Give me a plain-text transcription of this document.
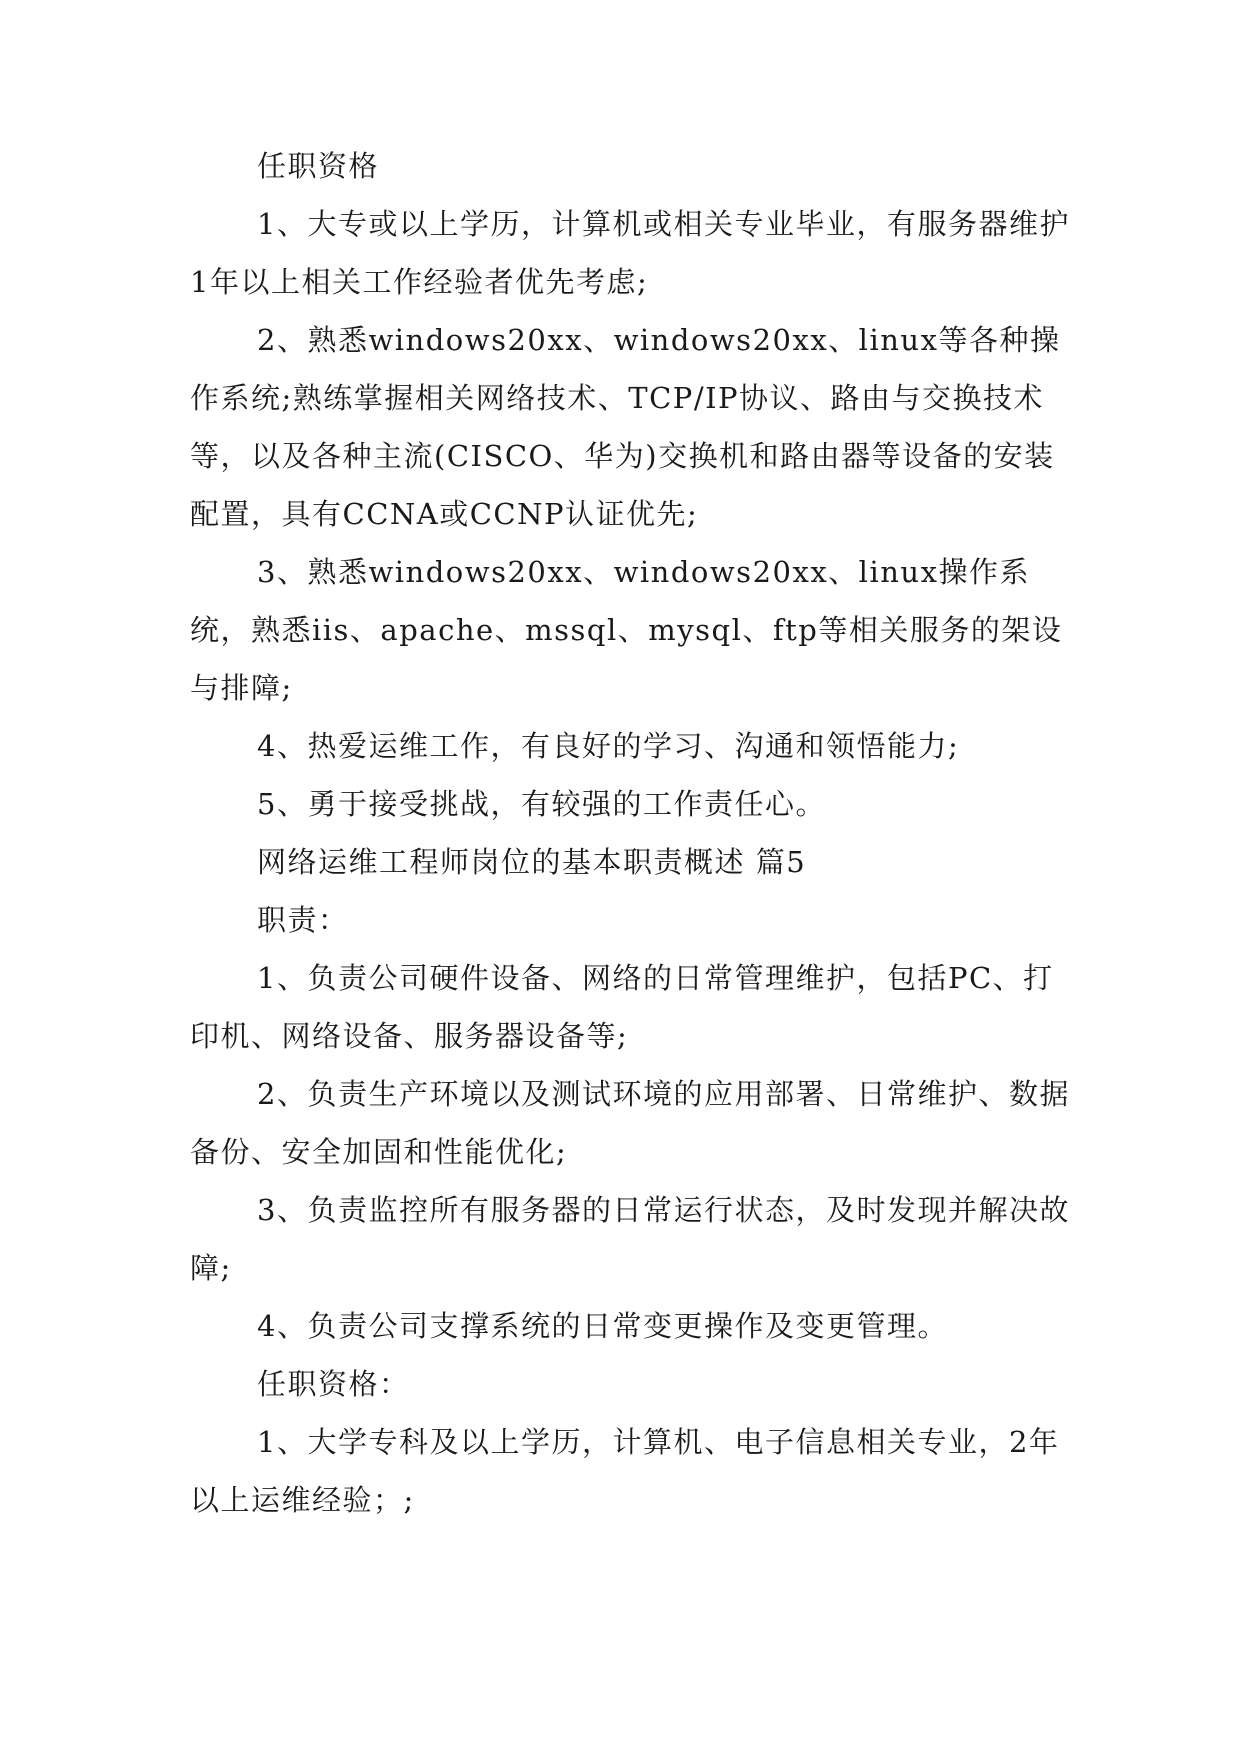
任职资格

1、大专或以上学历，计算机或相关专业毕业，有服务器维护1年以上相关工作经验者优先考虑;

2、熟悉windows20xx、windows20xx、linux等各种操作系统;熟练掌握相关网络技术、TCP/IP协议、路由与交换技术等，以及各种主流(CISCO、华为)交换机和路由器等设备的安装配置，具有CCNA或CCNP认证优先;

3、熟悉windows20xx、windows20xx、linux操作系统，熟悉iis、apache、mssql、mysql、ftp等相关服务的架设与排障;

4、热爱运维工作，有良好的学习、沟通和领悟能力;

5、勇于接受挑战，有较强的工作责任心。

网络运维工程师岗位的基本职责概述 篇5

职责：

1、负责公司硬件设备、网络的日常管理维护，包括PC、打印机、网络设备、服务器设备等;

2、负责生产环境以及测试环境的应用部署、日常维护、数据备份、安全加固和性能优化;

3、负责监控所有服务器的日常运行状态，及时发现并解决故障;

4、负责公司支撑系统的日常变更操作及变更管理。

任职资格：

1、大学专科及以上学历，计算机、电子信息相关专业，2年以上运维经验；;
